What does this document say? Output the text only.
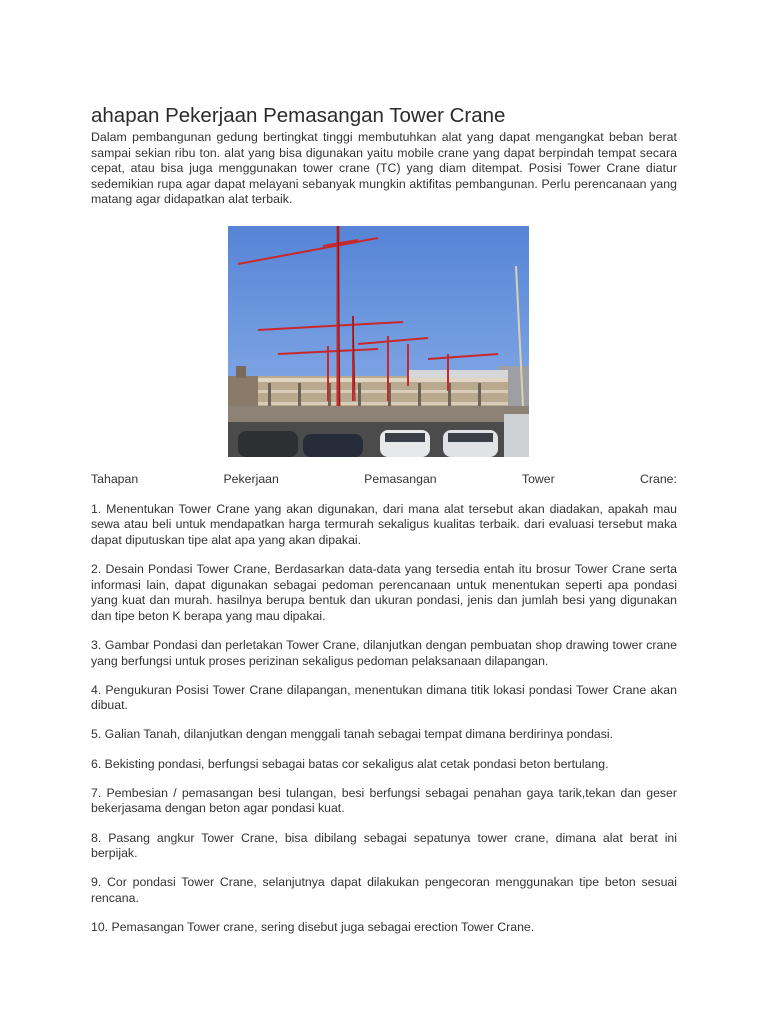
ahapan Pekerjaan Pemasangan Tower Crane

Dalam pembangunan gedung bertingkat tinggi membutuhkan alat yang dapat mengangkat beban berat sampai sekian ribu ton. alat yang bisa digunakan yaitu mobile crane yang dapat berpindah tempat secara cepat, atau bisa juga menggunakan tower crane (TC) yang diam ditempat. Posisi Tower Crane diatur sedemikian rupa agar dapat melayani sebanyak mungkin aktifitas pembangunan. Perlu perencanaan yang matang agar didapatkan alat terbaik.

Tahapan	Pekerjaan	Pemasangan	Tower	Crane:
1. Menentukan Tower Crane yang akan digunakan, dari mana alat tersebut akan diadakan, apakah mau sewa atau beli untuk mendapatkan harga termurah sekaligus kualitas terbaik. dari evaluasi tersebut maka dapat diputuskan tipe alat apa yang akan dipakai.
2. Desain Pondasi Tower Crane, Berdasarkan data-data yang tersedia entah itu brosur Tower Crane serta informasi lain, dapat digunakan sebagai pedoman perencanaan untuk menentukan seperti apa pondasi yang kuat dan murah. hasilnya berupa bentuk dan ukuran pondasi, jenis dan jumlah besi yang digunakan dan tipe beton K berapa yang mau dipakai.
3. Gambar Pondasi dan perletakan Tower Crane, dilanjutkan dengan pembuatan shop drawing tower crane yang berfungsi untuk proses perizinan sekaligus pedoman pelaksanaan dilapangan.
4. Pengukuran Posisi Tower Crane dilapangan, menentukan dimana titik lokasi pondasi Tower Crane akan dibuat.
5. Galian Tanah, dilanjutkan dengan menggali tanah sebagai tempat dimana berdirinya pondasi.
6. Bekisting pondasi, berfungsi sebagai batas cor sekaligus alat cetak pondasi beton bertulang.
7. Pembesian / pemasangan besi tulangan, besi berfungsi sebagai penahan gaya tarik,tekan dan geser bekerjasama dengan beton agar pondasi kuat.
8. Pasang angkur Tower Crane, bisa dibilang sebagai sepatunya tower crane, dimana alat berat ini berpijak.
9. Cor pondasi Tower Crane, selanjutnya dapat dilakukan pengecoran menggunakan tipe beton sesuai rencana.
10. Pemasangan Tower crane, sering disebut juga sebagai erection Tower Crane.
